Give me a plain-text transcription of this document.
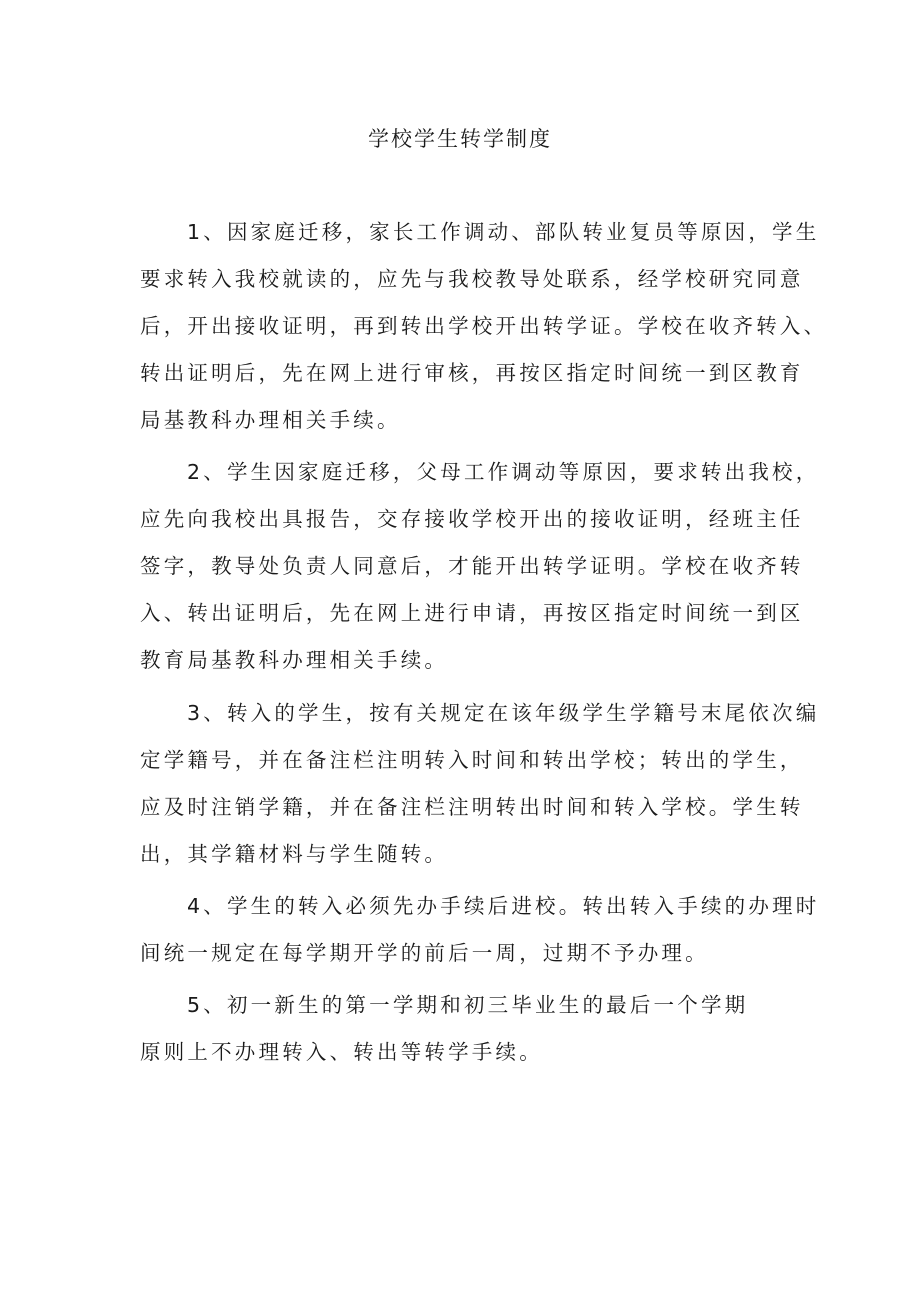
学校学生转学制度

1、因家庭迁移，家长工作调动、部队转业复员等原因，学生

要求转入我校就读的，应先与我校教导处联系，经学校研究同意

后，开出接收证明，再到转出学校开出转学证。学校在收齐转入、

转出证明后，先在网上进行审核，再按区指定时间统一到区教育

局基教科办理相关手续。

2、学生因家庭迁移，父母工作调动等原因，要求转出我校，

应先向我校出具报告，交存接收学校开出的接收证明，经班主任

签字，教导处负责人同意后，才能开出转学证明。学校在收齐转

入、转出证明后，先在网上进行申请，再按区指定时间统一到区

教育局基教科办理相关手续。

3、转入的学生，按有关规定在该年级学生学籍号末尾依次编

定学籍号，并在备注栏注明转入时间和转出学校；转出的学生，

应及时注销学籍，并在备注栏注明转出时间和转入学校。学生转

出，其学籍材料与学生随转。

4、学生的转入必须先办手续后进校。转出转入手续的办理时

间统一规定在每学期开学的前后一周，过期不予办理。

5、初一新生的第一学期和初三毕业生的最后一个学期

原则上不办理转入、转出等转学手续。
